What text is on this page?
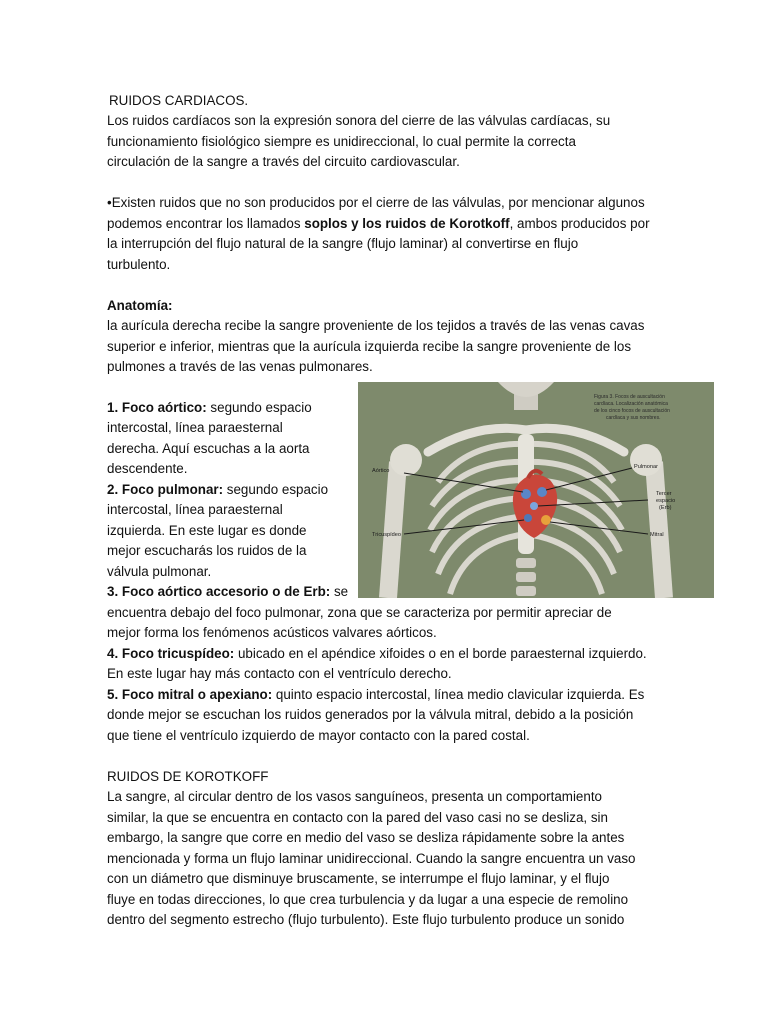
RUIDOS CARDIACOS.
Los ruidos cardíacos son la expresión sonora del cierre de las válvulas cardíacas, su
funcionamiento fisiológico siempre es unidireccional, lo cual permite la correcta
circulación de la sangre a través del circuito cardiovascular.
•Existen ruidos que no son producidos por el cierre de las válvulas, por mencionar algunos
podemos encontrar los llamados soplos y los ruidos de Korotkoff, ambos producidos por
la interrupción del flujo natural de la sangre (flujo laminar) al convertirse en flujo
turbulento.
Anatomía:
la aurícula derecha recibe la sangre proveniente de los tejidos a través de las venas cavas
superior e inferior, mientras que la aurícula izquierda recibe la sangre proveniente de los
pulmones a través de las venas pulmonares.
1. Foco aórtico: segundo espacio
intercostal, línea paraesternal
derecha. Aquí escuchas a la aorta
descendente.
2. Foco pulmonar: segundo espacio
intercostal, línea paraesternal
izquierda. En este lugar es donde
mejor escucharás los ruidos de la
válvula pulmonar.
3. Foco aórtico accesorio o de Erb: se
encuentra debajo del foco pulmonar, zona que se caracteriza por permitir apreciar de
mejor forma los fenómenos acústicos valvares aórticos.
4. Foco tricuspídeo: ubicado en el apéndice xifoides o en el borde paraesternal izquierdo.
En este lugar hay más contacto con el ventrículo derecho.
5. Foco mitral o apexiano: quinto espacio intercostal, línea medio clavicular izquierda. Es
donde mejor se escuchan los ruidos generados por la válvula mitral, debido a la posición
que tiene el ventrículo izquierdo de mayor contacto con la pared costal.
RUIDOS DE KOROTKOFF
La sangre, al circular dentro de los vasos sanguíneos, presenta un comportamiento
similar, la que se encuentra en contacto con la pared del vaso casi no se desliza, sin
embargo, la sangre que corre en medio del vaso se desliza rápidamente sobre la antes
mencionada y forma un flujo laminar unidireccional. Cuando la sangre encuentra un vaso
con un diámetro que disminuye bruscamente, se interrumpe el flujo laminar, y el flujo
fluye en todas direcciones, lo que crea turbulencia y da lugar a una especie de remolino
dentro del segmento estrecho (flujo turbulento). Este flujo turbulento produce un sonido
Figura 3. Focos de auscultación
cardíaca. Localización anatómica
de los cinco focos de auscultación
cardíaca y sus nombres.
Aórtico
Pulmonar
Tercer
espacio
(Erb)
Tricuspídeo	Mitral
